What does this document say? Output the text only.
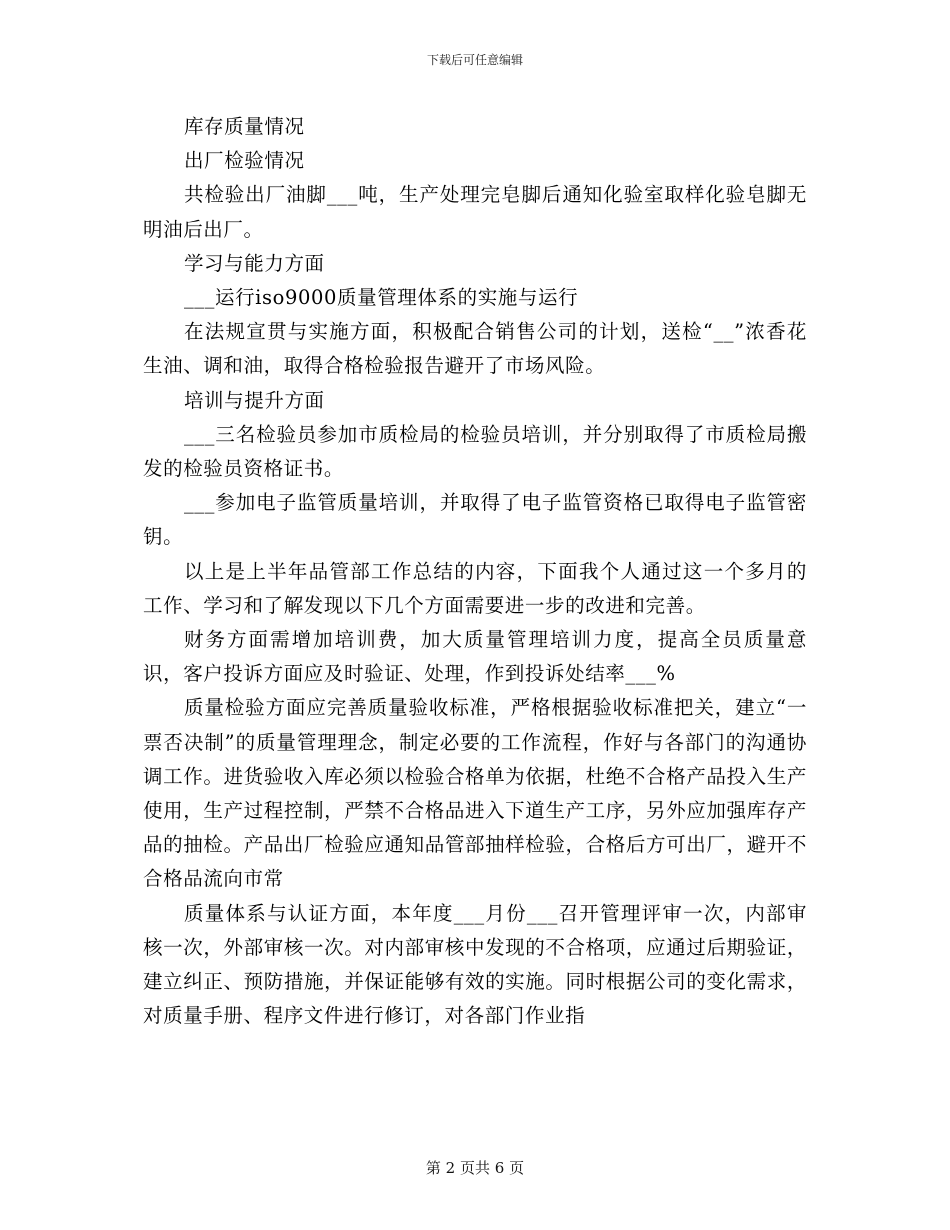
下载后可任意编辑

库存质量情况

出厂检验情况

共检验出厂油脚___吨，生产处理完皂脚后通知化验室取样化验皂脚无明油后出厂。

学习与能力方面

___运行iso9000质量管理体系的实施与运行

在法规宣贯与实施方面，积极配合销售公司的计划，送检“__”浓香花生油、调和油，取得合格检验报告避开了市场风险。

培训与提升方面

___三名检验员参加市质检局的检验员培训，并分别取得了市质检局搬发的检验员资格证书。

___参加电子监管质量培训，并取得了电子监管资格已取得电子监管密钥。

以上是上半年品管部工作总结的内容，下面我个人通过这一个多月的工作、学习和了解发现以下几个方面需要进一步的改进和完善。

财务方面需增加培训费，加大质量管理培训力度，提高全员质量意识，客户投诉方面应及时验证、处理，作到投诉处结率___%

质量检验方面应完善质量验收标准，严格根据验收标准把关，建立“一票否决制”的质量管理理念，制定必要的工作流程，作好与各部门的沟通协调工作。进货验收入库必须以检验合格单为依据，杜绝不合格产品投入生产使用，生产过程控制，严禁不合格品进入下道生产工序，另外应加强库存产品的抽检。产品出厂检验应通知品管部抽样检验，合格后方可出厂，避开不合格品流向市常

质量体系与认证方面，本年度___月份___召开管理评审一次，内部审核一次，外部审核一次。对内部审核中发现的不合格项，应通过后期验证，建立纠正、预防措施，并保证能够有效的实施。同时根据公司的变化需求，对质量手册、程序文件进行修订，对各部门作业指

第 2 页共 6 页
